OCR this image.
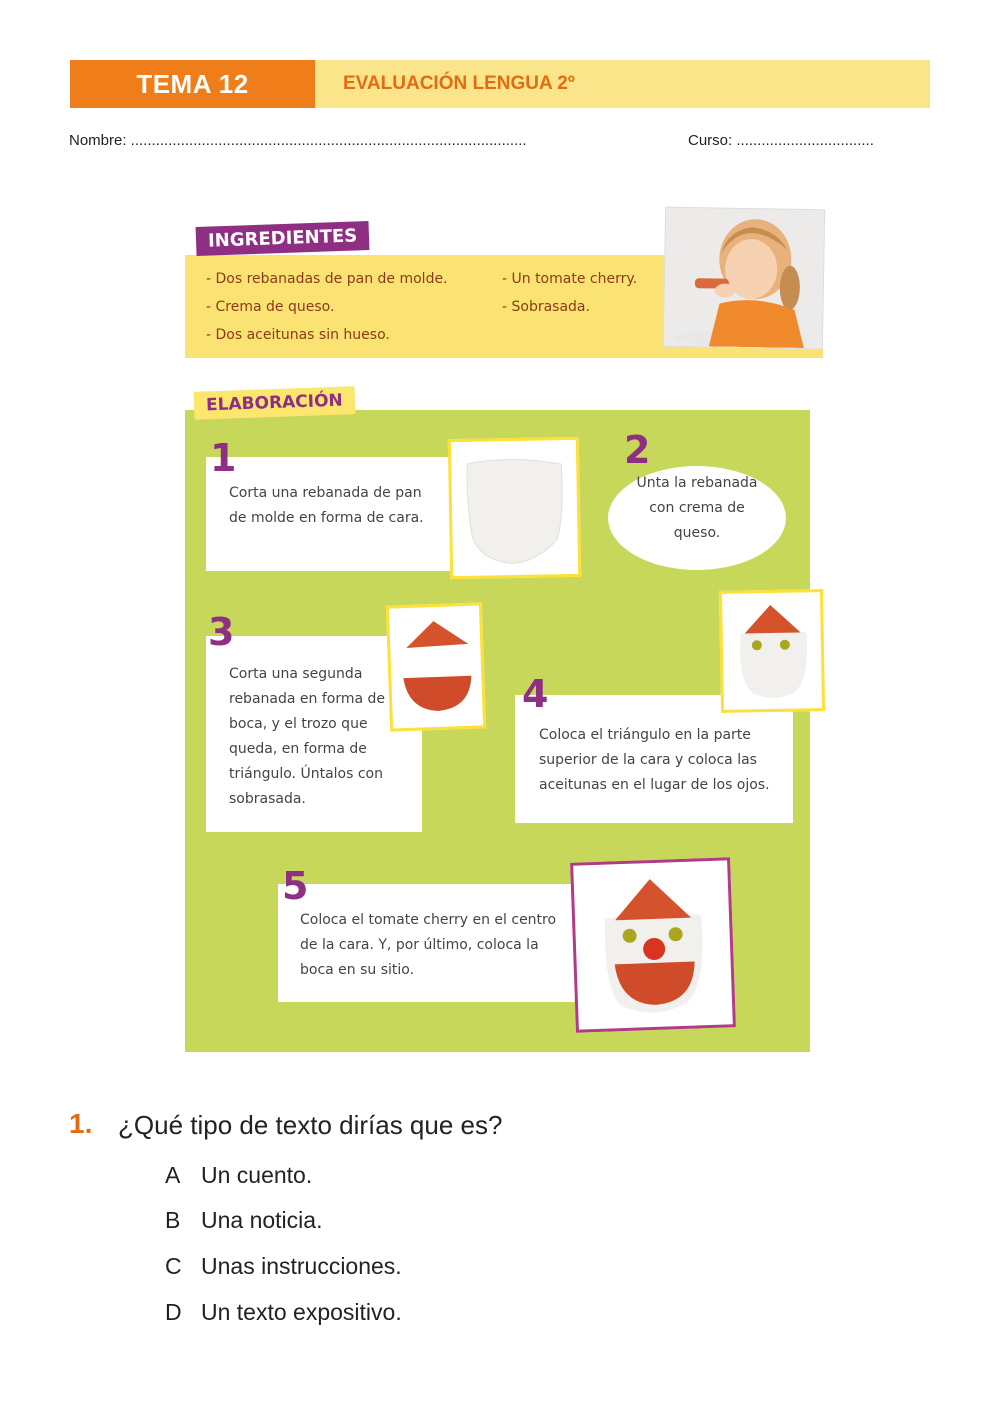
TEMA 12	EVALUACIÓN LENGUA 2º
Nombre: ...............................................................................................	Curso: .................................
INGREDIENTES
- Dos rebanadas de pan de molde.
- Crema de queso.
- Dos aceitunas sin hueso.
- Un tomate cherry.
- Sobrasada.
ELABORACIÓN
Corta una rebanada de pan de molde en forma de cara.
1	2
Unta la rebanada con crema de queso.
Corta una segunda rebanada en forma de boca, y el trozo que queda, en forma de triángulo. Úntalos con sobrasada.
3
Coloca el triángulo en la parte superior de la cara y coloca las aceitunas en el lugar de los ojos.
4
Coloca el tomate cherry en el centro de la cara. Y, por último, coloca la boca en su sitio.
5
1. ¿Qué tipo de texto dirías que es?
A Un cuento.
B Una noticia.
C Unas instrucciones.
D Un texto expositivo.
